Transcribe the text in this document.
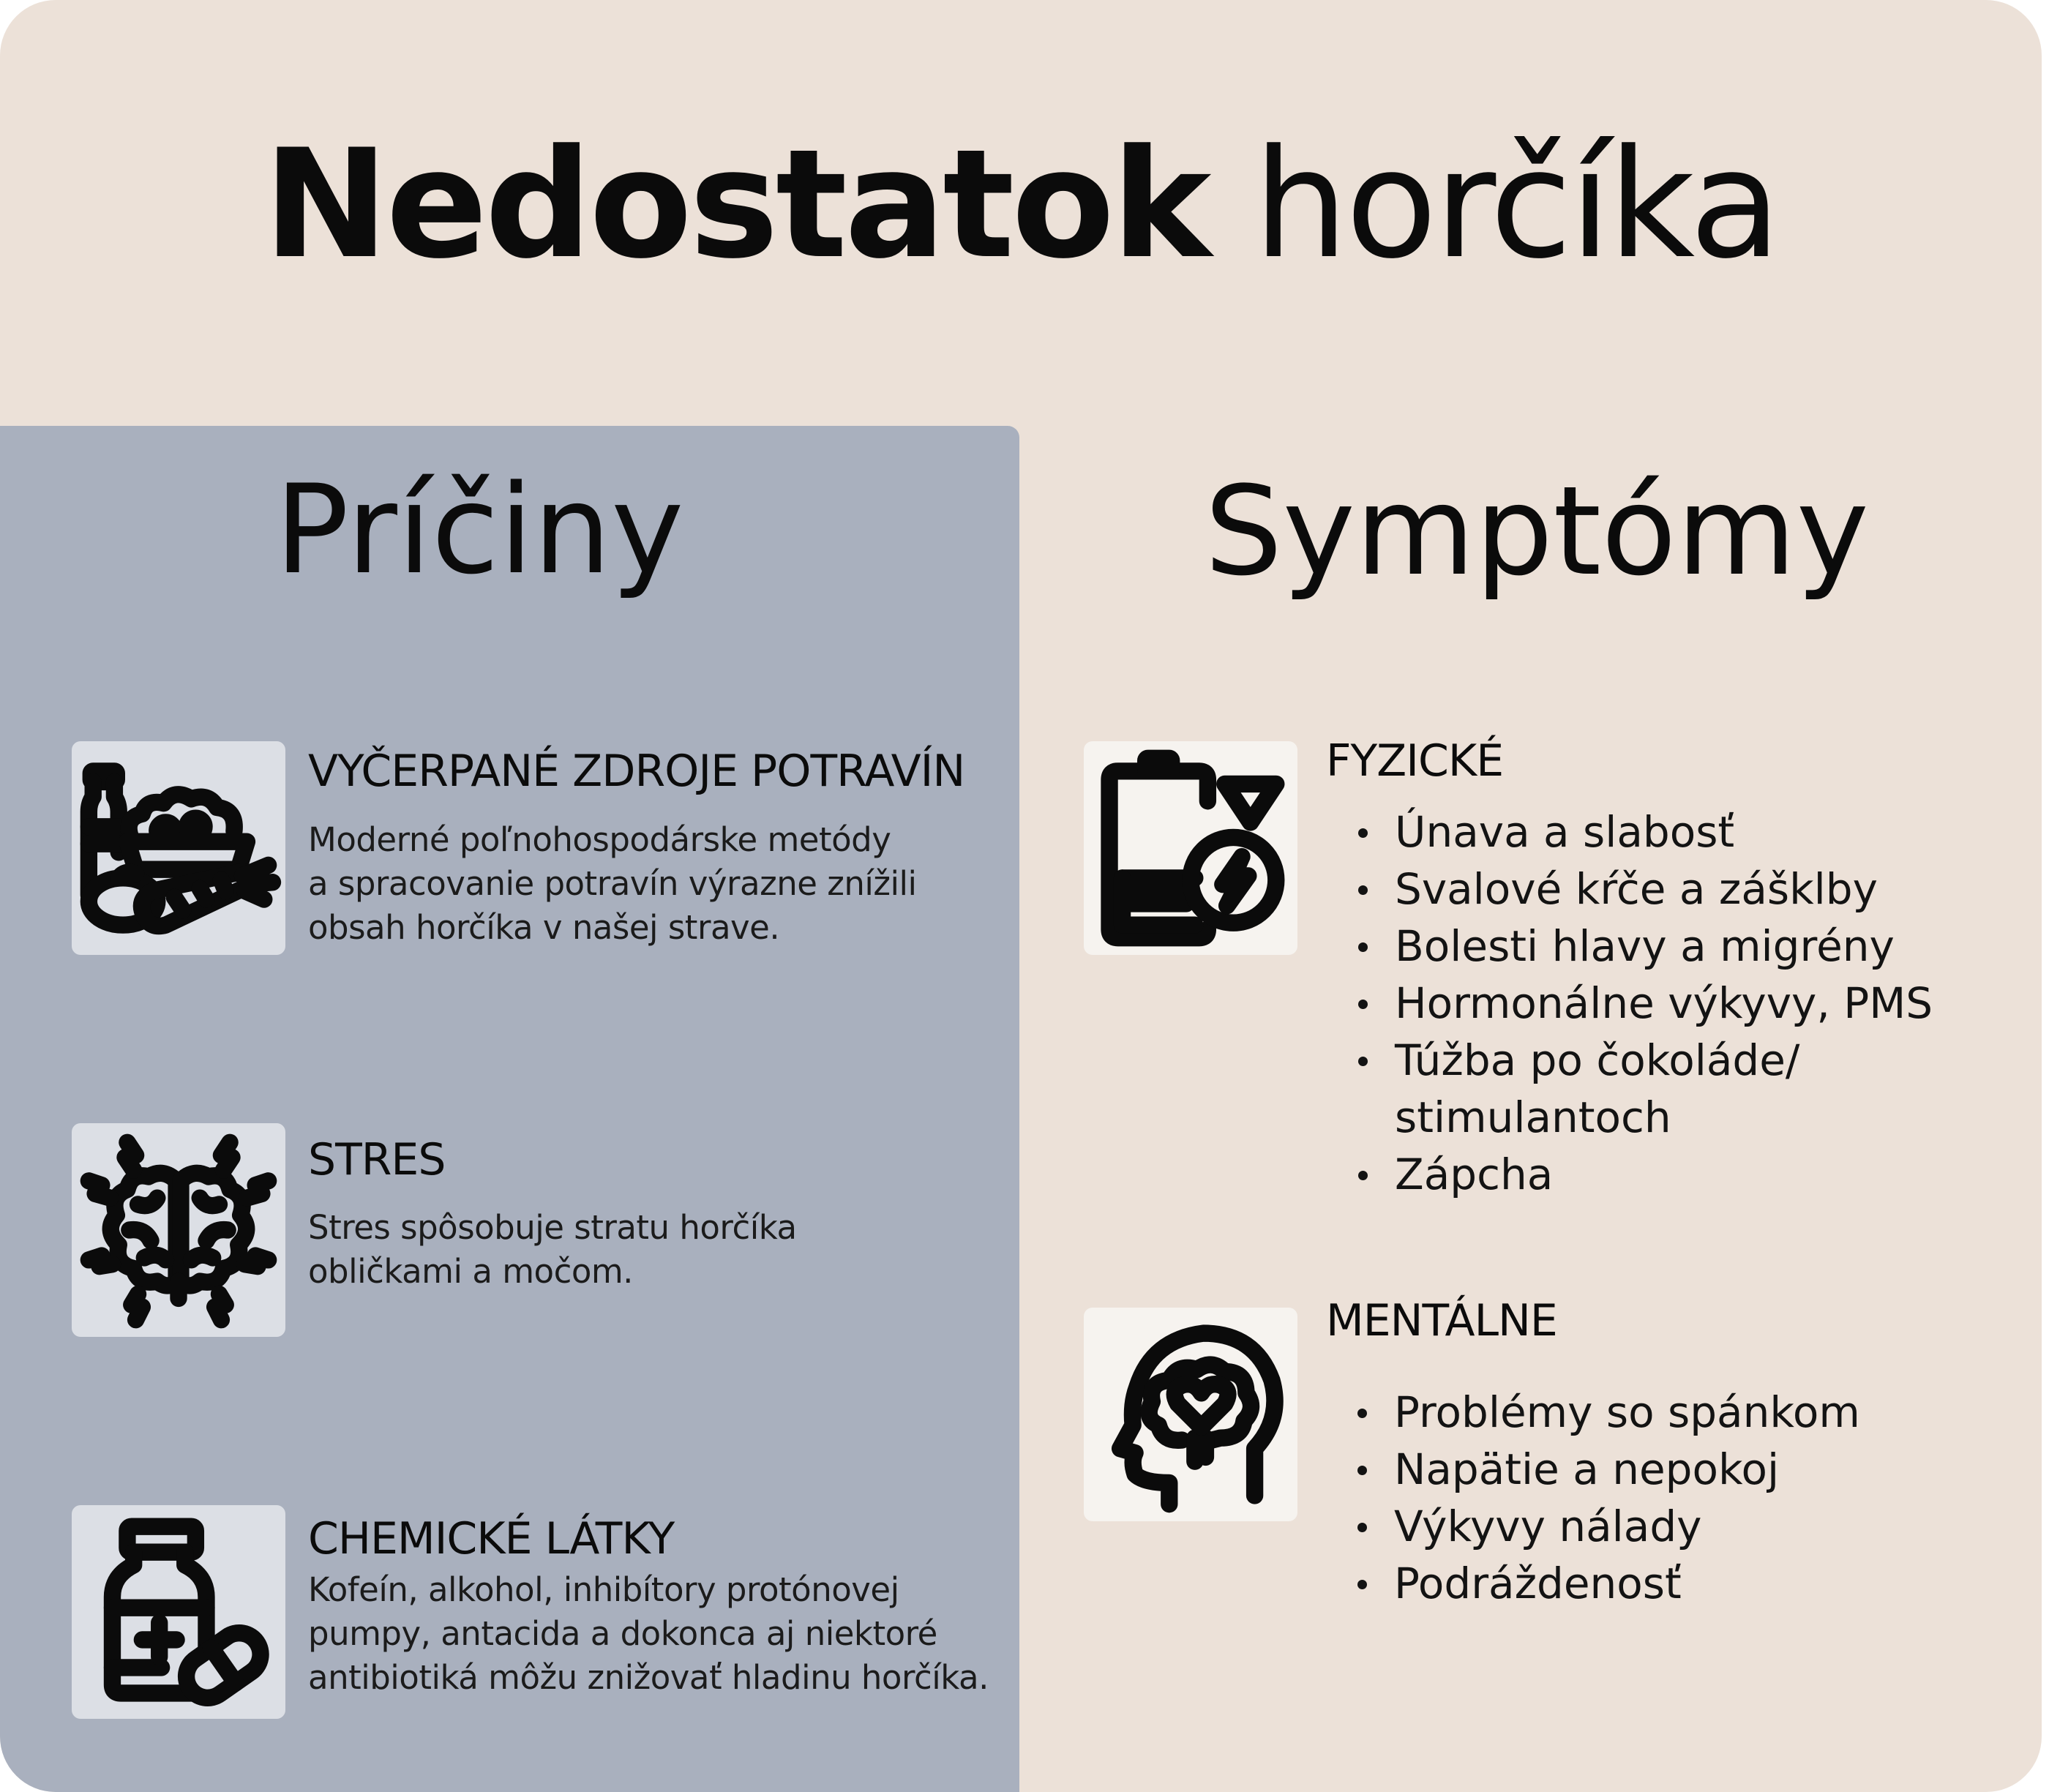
Nedostatok horčíka
Príčiny	Symptómy
VYČERPANÉ ZDROJE POTRAVÍN
Moderné poľnohospodárske metódy
a spracovanie potravín výrazne znížili
obsah horčíka v našej strave.
STRES
Stres spôsobuje stratu horčíka
obličkami a močom.
CHEMICKÉ LÁTKY
Kofeín, alkohol, inhibítory protónovej
pumpy, antacida a dokonca aj niektoré
antibiotiká môžu znižovať hladinu horčíka.
FYZICKÉ
Únava a slabosť
Svalové kŕče a zášklby
Bolesti hlavy a migrény
Hormonálne výkyvy, PMS
Túžba po čokoláde/
stimulantoch
Zápcha
MENTÁLNE
Problémy so spánkom
Napätie a nepokoj
Výkyvy nálady
Podráždenosť
